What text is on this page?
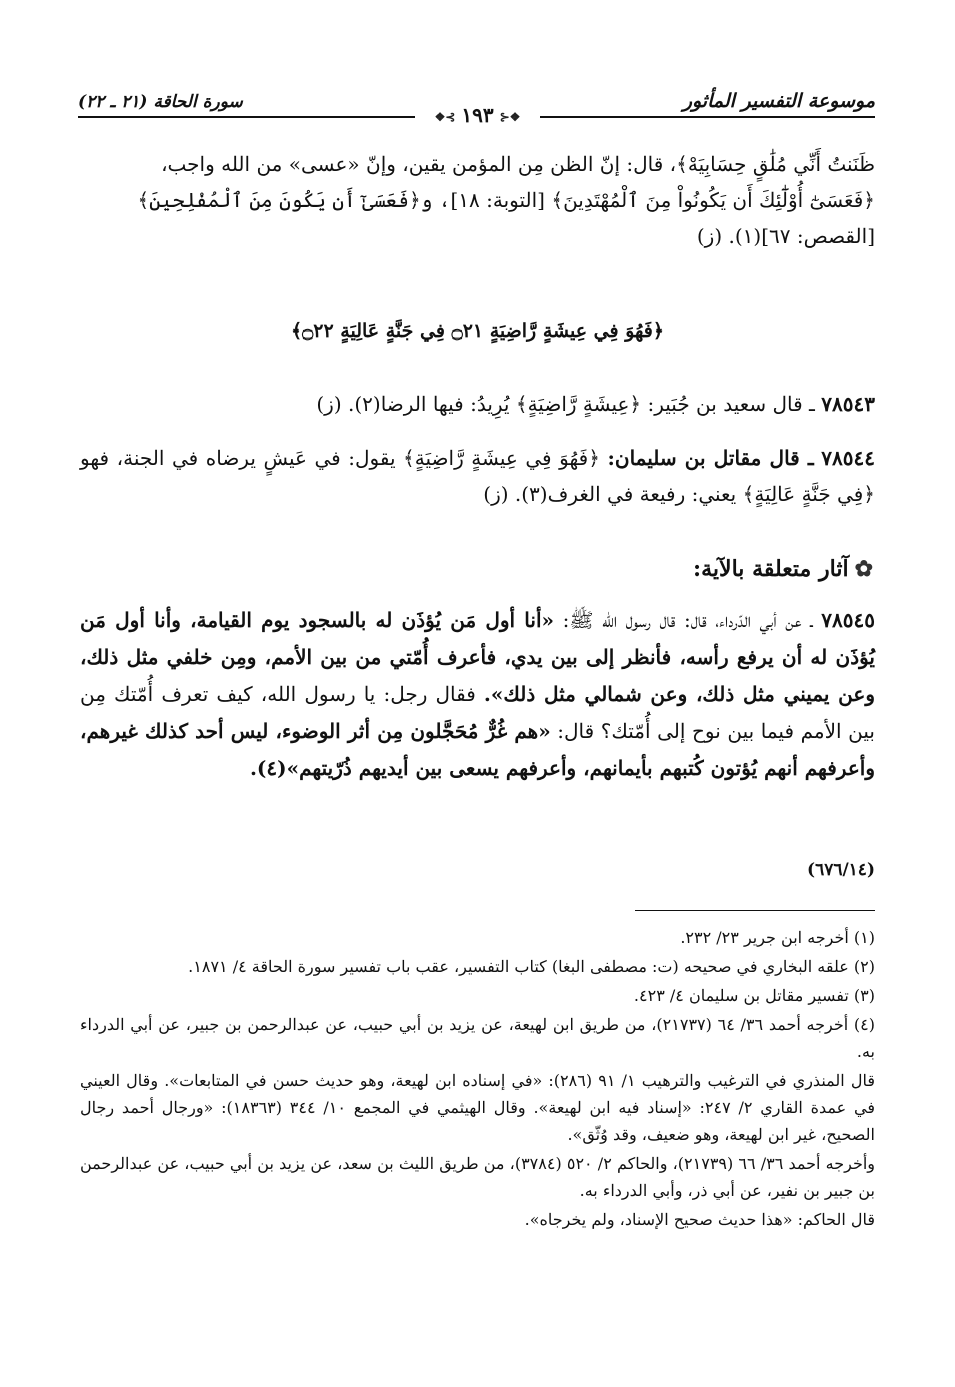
موسوعة التفسير المأثور
سورة الحاقة (٢١ ـ ٢٢)
❖⊰١٩٣⊱❖
ظَنَنتُ أَنِّي مُلَٰقٍ حِسَابِيَهْ﴾، قال: إنّ الظن مِن المؤمن يقين، وإنّ «عسى» من الله واجب،
﴿فَعَسَىٰٓ أُوْلَٰٓئِكَ أَن يَكُونُواْ مِنَ ٱلْمُهْتَدِينَ﴾ [التوبة: ١٨]، و﴿فَعَسَىٰٓ أَن يَكُونَ مِنَ ٱلْمُفْلِحِينَ﴾
[القصص: ٦٧](١). (ز)
﴿فَهُوَ فِي عِيشَةٍ رَّاضِيَةٍ ۝٢١ فِي جَنَّةٍ عَالِيَةٍ ۝٢٢﴾
٧٨٥٤٣ ـ قال سعيد بن جُبَير: ﴿عِيشَةٍ رَّاضِيَةٍ﴾ يُرِيدُ: فيها الرضا(٢). (ز)
٧٨٥٤٤ ـ قال مقاتل بن سليمان: ﴿فَهُوَ فِي عِيشَةٍ رَّاضِيَةٍ﴾ يقول: في عَيشٍ يرضاه في الجنة، فهو ﴿فِي جَنَّةٍ عَالِيَةٍ﴾ يعني: رفيعة في الغرف(٣). (ز)
✿آثار متعلقة بالآية:
٧٨٥٤٥ ـ عن أبي الدّرداء، قال: قال رسول الله ﷺ: «أنا أول مَن يُؤذَن له بالسجود يوم القيامة، وأنا أول مَن يُؤذَن له أن يرفع رأسه، فأنظر إلى بين يدي، فأعرف أُمّتي من بين الأمم، ومِن خلفي مثل ذلك، وعن يميني مثل ذلك، وعن شمالي مثل ذلك». فقال رجل: يا رسول الله، كيف تعرف أُمّتك مِن بين الأمم فيما بين نوح إلى أُمّتك؟ قال: «هم غُرٌّ مُحَجَّلون مِن أثر الوضوء، ليس أحد كذلك غيرهم، وأعرفهم أنهم يُؤتون كُتبهم بأيمانهم، وأعرفهم يسعى بين أيديهم ذُرّيتهم»(٤).
(٦٧٦/١٤)

(١) أخرجه ابن جرير ٢٣/ ٢٣٢.

(٢) علقه البخاري في صحيحه (ت: مصطفى البغا) كتاب التفسير، عقب باب تفسير سورة الحاقة ٤/ ١٨٧١.

(٣) تفسير مقاتل بن سليمان ٤/ ٤٢٣.

(٤) أخرجه أحمد ٣٦/ ٦٤ (٢١٧٣٧)، من طريق ابن لهيعة، عن يزيد بن أبي حبيب، عن عبدالرحمن بن جبير، عن أبي الدرداء به.

قال المنذري في الترغيب والترهيب ١/ ٩١ (٢٨٦): «في إسناده ابن لهيعة، وهو حديث حسن في المتابعات». وقال العيني في عمدة القاري ٢/ ٢٤٧: «إسناد فيه ابن لهيعة». وقال الهيثمي في المجمع ١٠/ ٣٤٤ (١٨٣٦٣): «ورجال أحمد رجال الصحيح، غير ابن لهيعة، وهو ضعيف، وقد وُثّق».

وأخرجه أحمد ٣٦/ ٦٦ (٢١٧٣٩)، والحاكم ٢/ ٥٢٠ (٣٧٨٤)، من طريق الليث بن سعد، عن يزيد بن أبي حبيب، عن عبدالرحمن بن جبير بن نفير، عن أبي ذر، وأبي الدرداء به.

قال الحاكم: «هذا حديث صحيح الإسناد، ولم يخرجاه».
